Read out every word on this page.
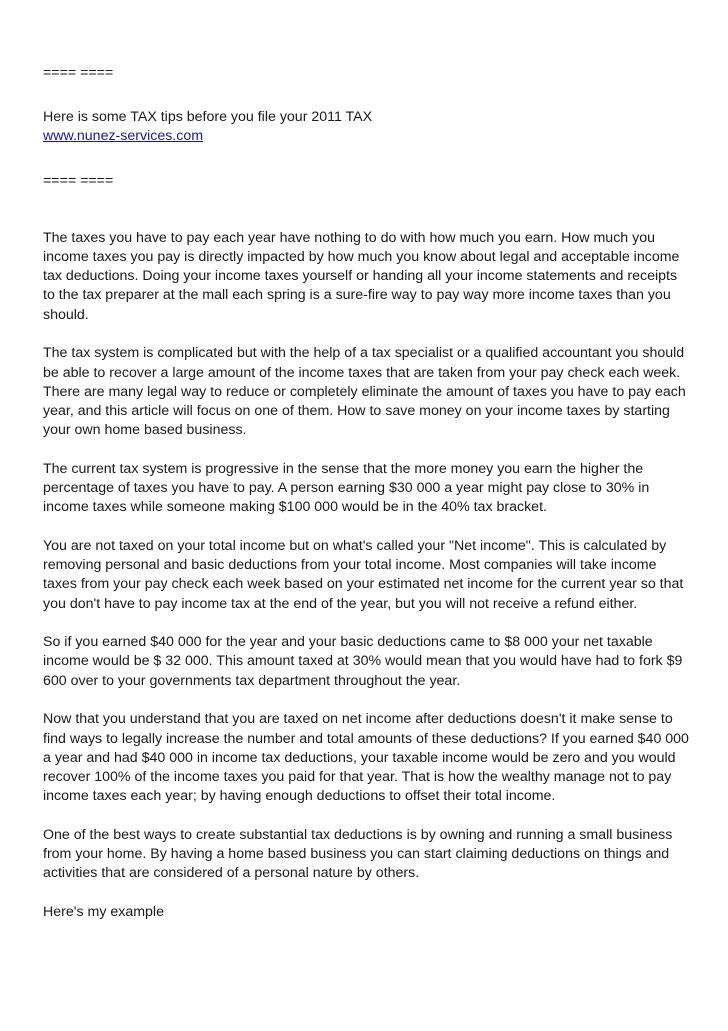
==== ====
Here is some TAX tips before you file your 2011 TAX
www.nunez-services.com
==== ====

The taxes you have to pay each year have nothing to do with how much you earn. How much you income taxes you pay is directly impacted by how much you know about legal and acceptable income tax deductions. Doing your income taxes yourself or handing all your income statements and receipts to the tax preparer at the mall each spring is a sure-fire way to pay way more income taxes than you should.

The tax system is complicated but with the help of a tax specialist or a qualified accountant you should be able to recover a large amount of the income taxes that are taken from your pay check each week. There are many legal way to reduce or completely eliminate the amount of taxes you have to pay each year, and this article will focus on one of them. How to save money on your income taxes by starting your own home based business.

The current tax system is progressive in the sense that the more money you earn the higher the percentage of taxes you have to pay. A person earning $30 000 a year might pay close to 30% in income taxes while someone making $100 000 would be in the 40% tax bracket.

You are not taxed on your total income but on what's called your "Net income". This is calculated by removing personal and basic deductions from your total income. Most companies will take income taxes from your pay check each week based on your estimated net income for the current year so that you don't have to pay income tax at the end of the year, but you will not receive a refund either.

So if you earned $40 000 for the year and your basic deductions came to $8 000 your net taxable income would be $ 32 000. This amount taxed at 30% would mean that you would have had to fork $9 600 over to your governments tax department throughout the year.

Now that you understand that you are taxed on net income after deductions doesn't it make sense to find ways to legally increase the number and total amounts of these deductions? If you earned $40 000 a year and had $40 000 in income tax deductions, your taxable income would be zero and you would recover 100% of the income taxes you paid for that year. That is how the wealthy manage not to pay income taxes each year; by having enough deductions to offset their total income.

One of the best ways to create substantial tax deductions is by owning and running a small business from your home. By having a home based business you can start claiming deductions on things and activities that are considered of a personal nature by others.

Here's my example
